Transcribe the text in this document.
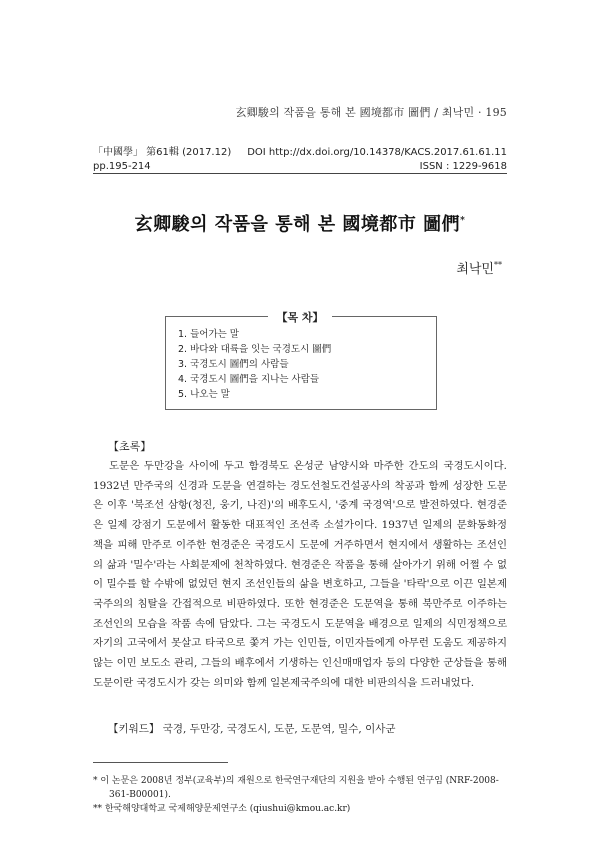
玄卿駿의 작품을 통해 본 國境都市 圖們 / 최낙민 · 195
「中國學」 第61輯 (2017.12)
pp.195-214
DOI http://dx.doi.org/10.14378/KACS.2017.61.61.11
ISSN : 1229-9618
玄卿駿의 작품을 통해 본 國境都市 圖們*
최낙민**
【목 차】
1. 들어가는 말
2. 바다와 대륙을 잇는 국경도시 圖們
3. 국경도시 圖們의 사람들
4. 국경도시 圖們을 지나는 사람들
5. 나오는 말
【초록】

도문은 두만강을 사이에 두고 함경북도 온성군 남양시와 마주한 간도의 국경도시이다. 1932년 만주국의 신경과 도문을 연결하는 경도선철도건설공사의 착공과 함께 성장한 도문은 이후 '북조선 삼항(청진, 웅기, 나진)'의 배후도시, '중계 국경역'으로 발전하였다. 현경준은 일제 강점기 도문에서 활동한 대표적인 조선족 소설가이다. 1937년 일제의 문화동화정책을 피해 만주로 이주한 현경준은 국경도시 도문에 거주하면서 현지에서 생활하는 조선인의 삶과 '밀수'라는 사회문제에 천착하였다. 현경준은 작품을 통해 살아가기 위해 어쩔 수 없이 밀수를 할 수밖에 없었던 현지 조선인들의 삶을 변호하고, 그들을 '타락'으로 이끈 일본제국주의의 침탈을 간접적으로 비판하였다. 또한 현경준은 도문역을 통해 북만주로 이주하는 조선인의 모습을 작품 속에 담았다. 그는 국경도시 도문역을 배경으로 일제의 식민정책으로 자기의 고국에서 못살고 타국으로 쫓겨 가는 인민들, 이민자들에게 아무런 도움도 제공하지 않는 이민 보도소 관리, 그들의 배후에서 기생하는 인신매매업자 등의 다양한 군상들을 통해 도문이란 국경도시가 갖는 의미와 함께 일본제국주의에 대한 비판의식을 드러내었다.

【키워드】 국경, 두만강, 국경도시, 도문, 도문역, 밀수, 이사군

* 이 논문은 2008년 정부(교육부)의 재원으로 한국연구재단의 지원을 받아 수행된 연구임 (NRF-2008-361-B00001).

** 한국해양대학교 국제해양문제연구소 (qiushui@kmou.ac.kr)
